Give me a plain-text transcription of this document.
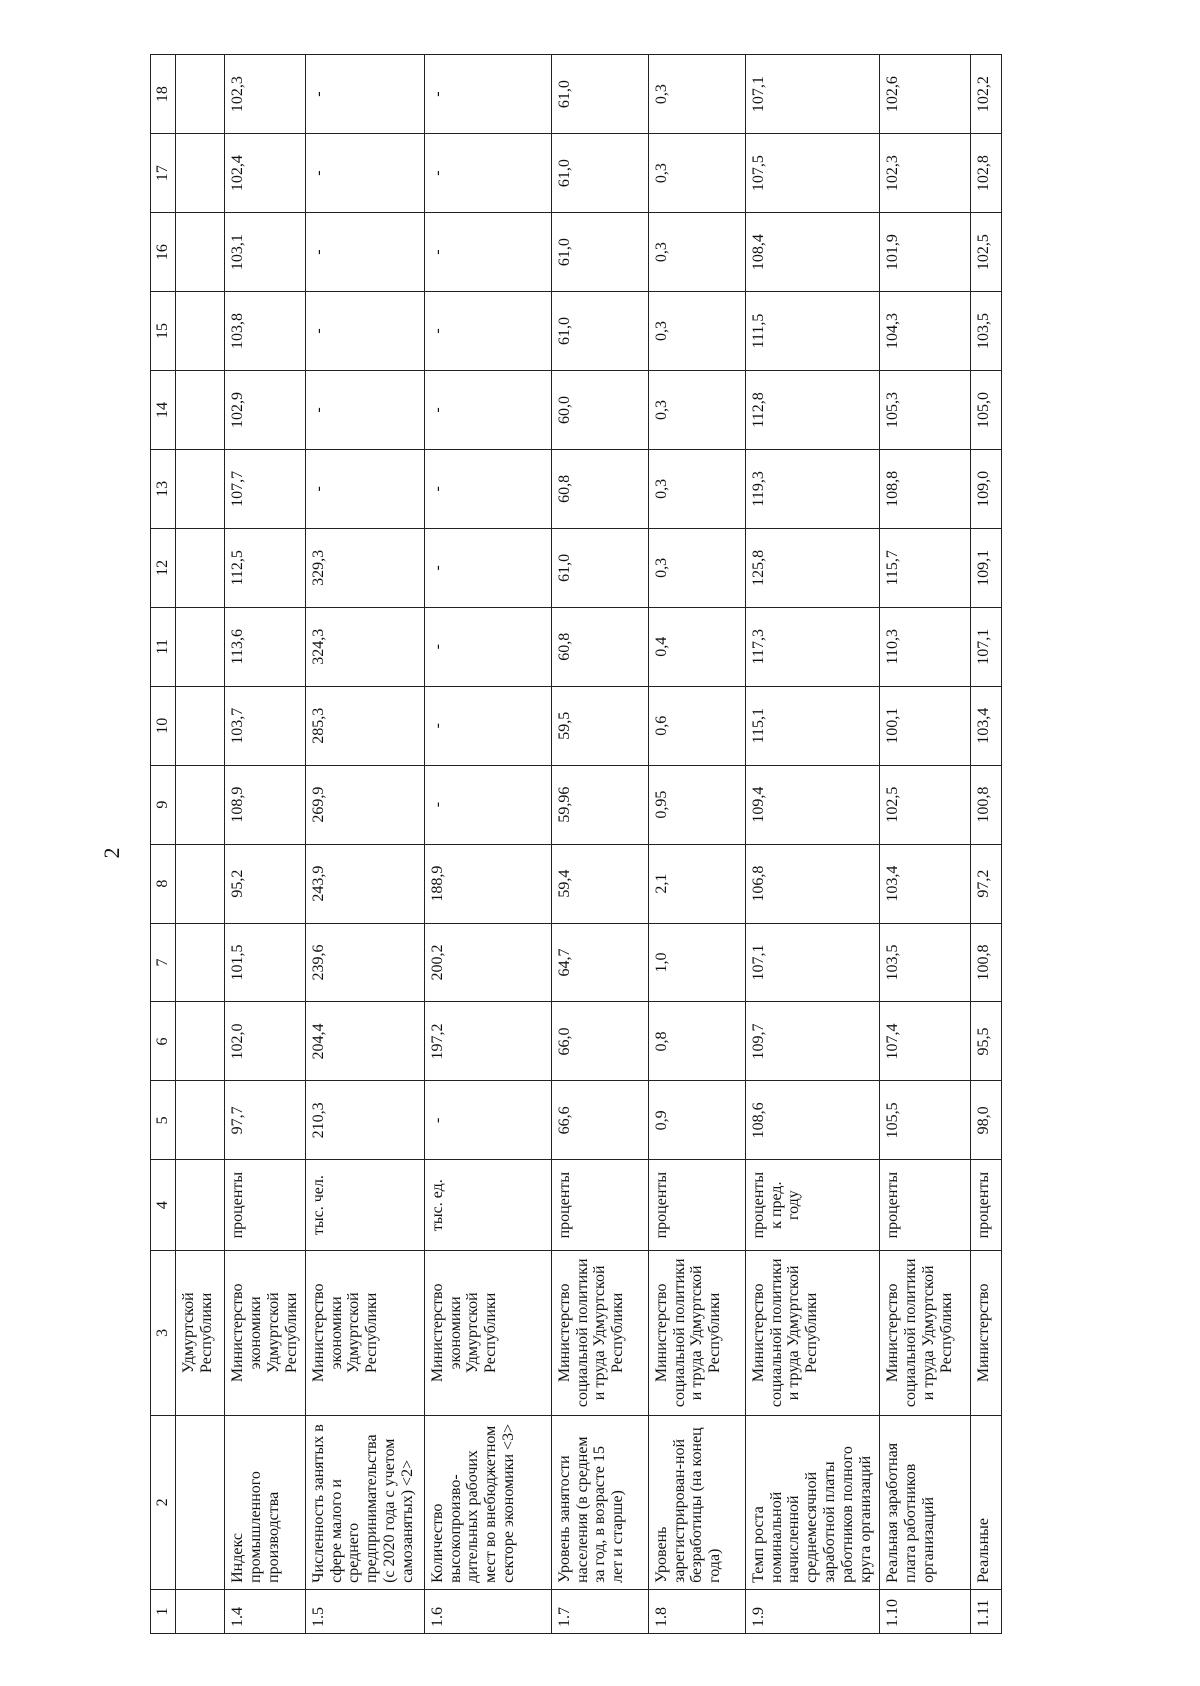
2
1	2	3	4	5	6	7	8	9	10	11	12	13	14	15	16	17	18
		Удмуртской Республики															
1.4	Индекс промышленного производства	Министерство экономики Удмуртской Республики	проценты	97,7	102,0	101,5	95,2	108,9	103,7	113,6	112,5	107,7	102,9	103,8	103,1	102,4	102,3
1.5	Численность занятых в сфере малого и среднего предпринимательства (с 2020 года с учетом самозанятых) <2>	Министерство экономики Удмуртской Республики	тыс. чел.	210,3	204,4	239,6	243,9	269,9	285,3	324,3	329,3	-	-	-	-	-	-
1.6	Количество высокопроизво-дительных рабочих мест во внебюджетном секторе экономики <3>	Министерство экономики Удмуртской Республики	тыс. ед.	-	197,2	200,2	188,9	-	-	-	-	-	-	-	-	-	-
1.7	Уровень занятости населения (в среднем за год, в возрасте 15 лет и старше)	Министерство социальной политики и труда Удмуртской Республики	проценты	66,6	66,0	64,7	59,4	59,96	59,5	60,8	61,0	60,8	60,0	61,0	61,0	61,0	61,0
1.8	Уровень зарегистрирован-ной безработицы (на конец года)	Министерство социальной политики и труда Удмуртской Республики	проценты	0,9	0,8	1,0	2,1	0,95	0,6	0,4	0,3	0,3	0,3	0,3	0,3	0,3	0,3
1.9	Темп роста номинальной начисленной среднемесячной заработной платы работников полного круга организаций	Министерство социальной политики и труда Удмуртской Республики	проценты к пред. году	108,6	109,7	107,1	106,8	109,4	115,1	117,3	125,8	119,3	112,8	111,5	108,4	107,5	107,1
1.10	Реальная заработная плата работников организаций	Министерство социальной политики и труда Удмуртской Республики	проценты	105,5	107,4	103,5	103,4	102,5	100,1	110,3	115,7	108,8	105,3	104,3	101,9	102,3	102,6
1.11	Реальные	Министерство	проценты	98,0	95,5	100,8	97,2	100,8	103,4	107,1	109,1	109,0	105,0	103,5	102,5	102,8	102,2
